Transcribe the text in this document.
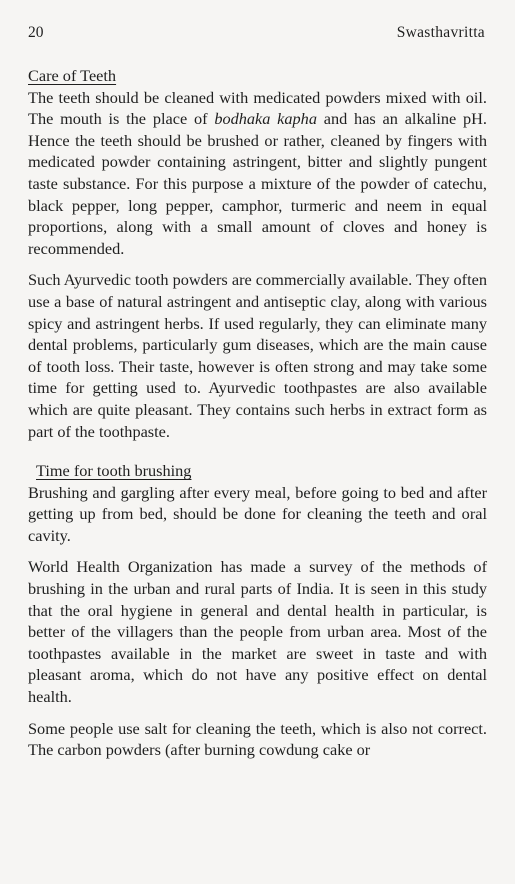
20	Swasthavritta
Care of Teeth

The teeth should be cleaned with medicated powders mixed with oil. The mouth is the place of bodhaka kapha and has an alkaline pH. Hence the teeth should be brushed or rather, cleaned by fingers with medicated powder containing astringent, bitter and slightly pungent taste substance. For this purpose a mixture of the powder of catechu, black pepper, long pepper, camphor, turmeric and neem in equal proportions, along with a small amount of cloves and honey is recommended.

Such Ayurvedic tooth powders are commercially available. They often use a base of natural astringent and antiseptic clay, along with various spicy and astringent herbs. If used regularly, they can eliminate many dental problems, particularly gum diseases, which are the main cause of tooth loss. Their taste, however is often strong and may take some time for getting used to. Ayurvedic toothpastes are also available which are quite pleasant. They contains such herbs in extract form as part of the toothpaste.

Time for tooth brushing

Brushing and gargling after every meal, before going to bed and after getting up from bed, should be done for cleaning the teeth and oral cavity.

World Health Organization has made a survey of the methods of brushing in the urban and rural parts of India. It is seen in this study that the oral hygiene in general and dental health in particular, is better of the villagers than the people from urban area. Most of the toothpastes available in the market are sweet in taste and with pleasant aroma, which do not have any positive effect on dental health.

Some people use salt for cleaning the teeth, which is also not correct. The carbon powders (after burning cowdung cake or
